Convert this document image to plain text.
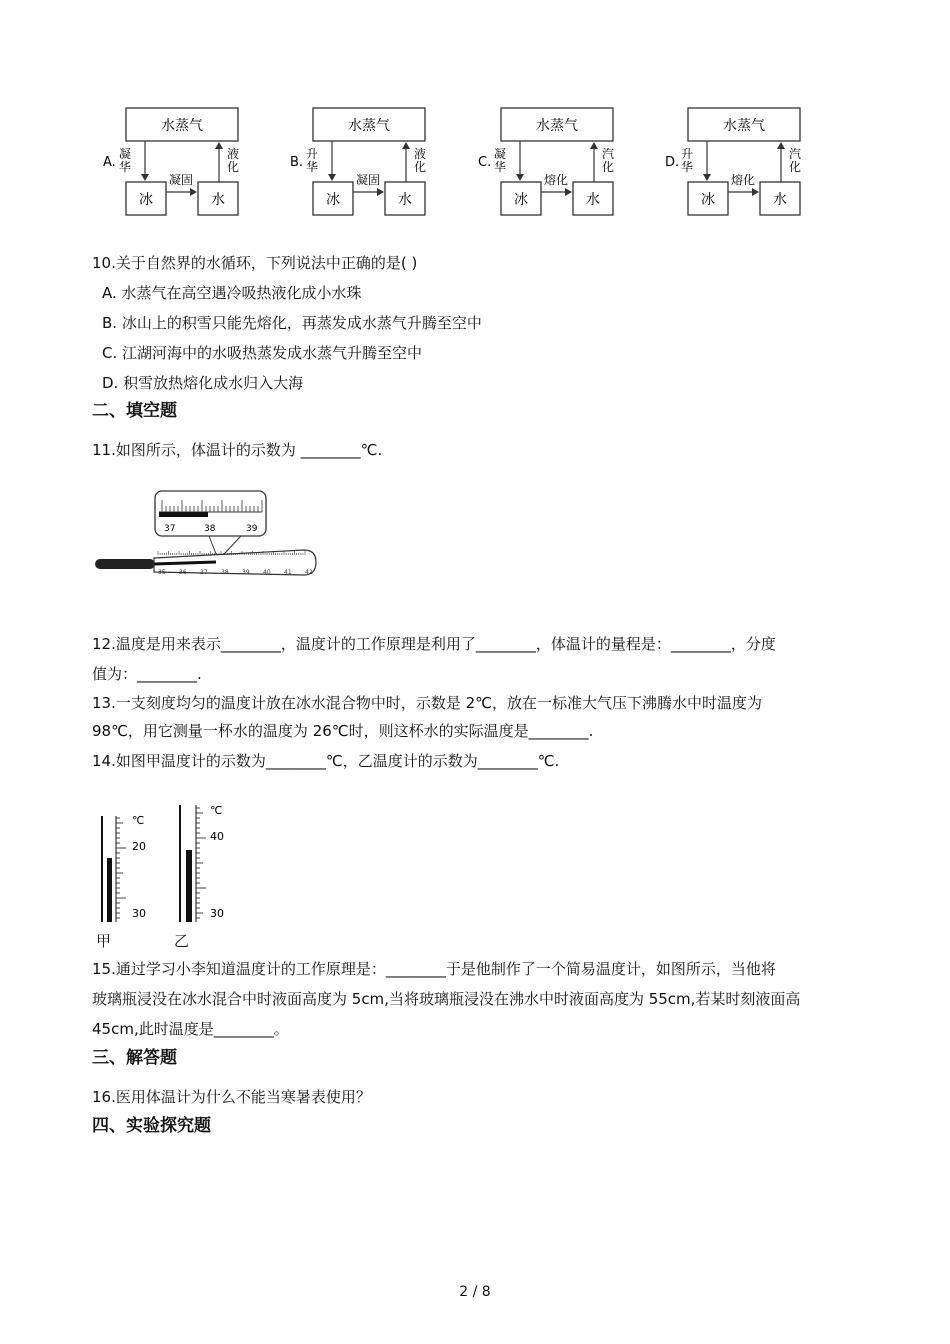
A.
水蒸气
冰	水
凝
华
液
化
凝固
B.
水蒸气
冰	水
升
华
液
化
凝固
C.
水蒸气
冰	水
凝
华
汽
化
熔化
D.
水蒸气
冰	水
升
华
汽
化
熔化
10.关于自然界的水循环，下列说法中正确的是( )
A. 水蒸气在高空遇冷吸热液化成小水珠
B. 冰山上的积雪只能先熔化，再蒸发成水蒸气升腾至空中
C. 江湖河海中的水吸热蒸发成水蒸气升腾至空中
D. 积雪放热熔化成水归入大海
二、填空题
11.如图所示，体温计的示数为 ________℃.
37	38	39
35 36 37 38 39 40 41 42
12.温度是用来表示________，温度计的工作原理是利用了________，体温计的量程是：________，分度
值为：________.
13.一支刻度均匀的温度计放在冰水混合物中时，示数是 2℃，放在一标准大气压下沸腾水中时温度为
98℃，用它测量一杯水的温度为 26℃时，则这杯水的实际温度是________.
14.如图甲温度计的示数为________℃，乙温度计的示数为________℃.
℃
20
30
℃
40
30
甲	乙
15.通过学习小李知道温度计的工作原理是：________于是他制作了一个简易温度计，如图所示，当他将
玻璃瓶浸没在冰水混合中时液面高度为 5cm,当将玻璃瓶浸没在沸水中时液面高度为 55cm,若某时刻液面高
45cm,此时温度是________。
三、解答题
16.医用体温计为什么不能当寒暑表使用？
四、实验探究题
2 / 8
